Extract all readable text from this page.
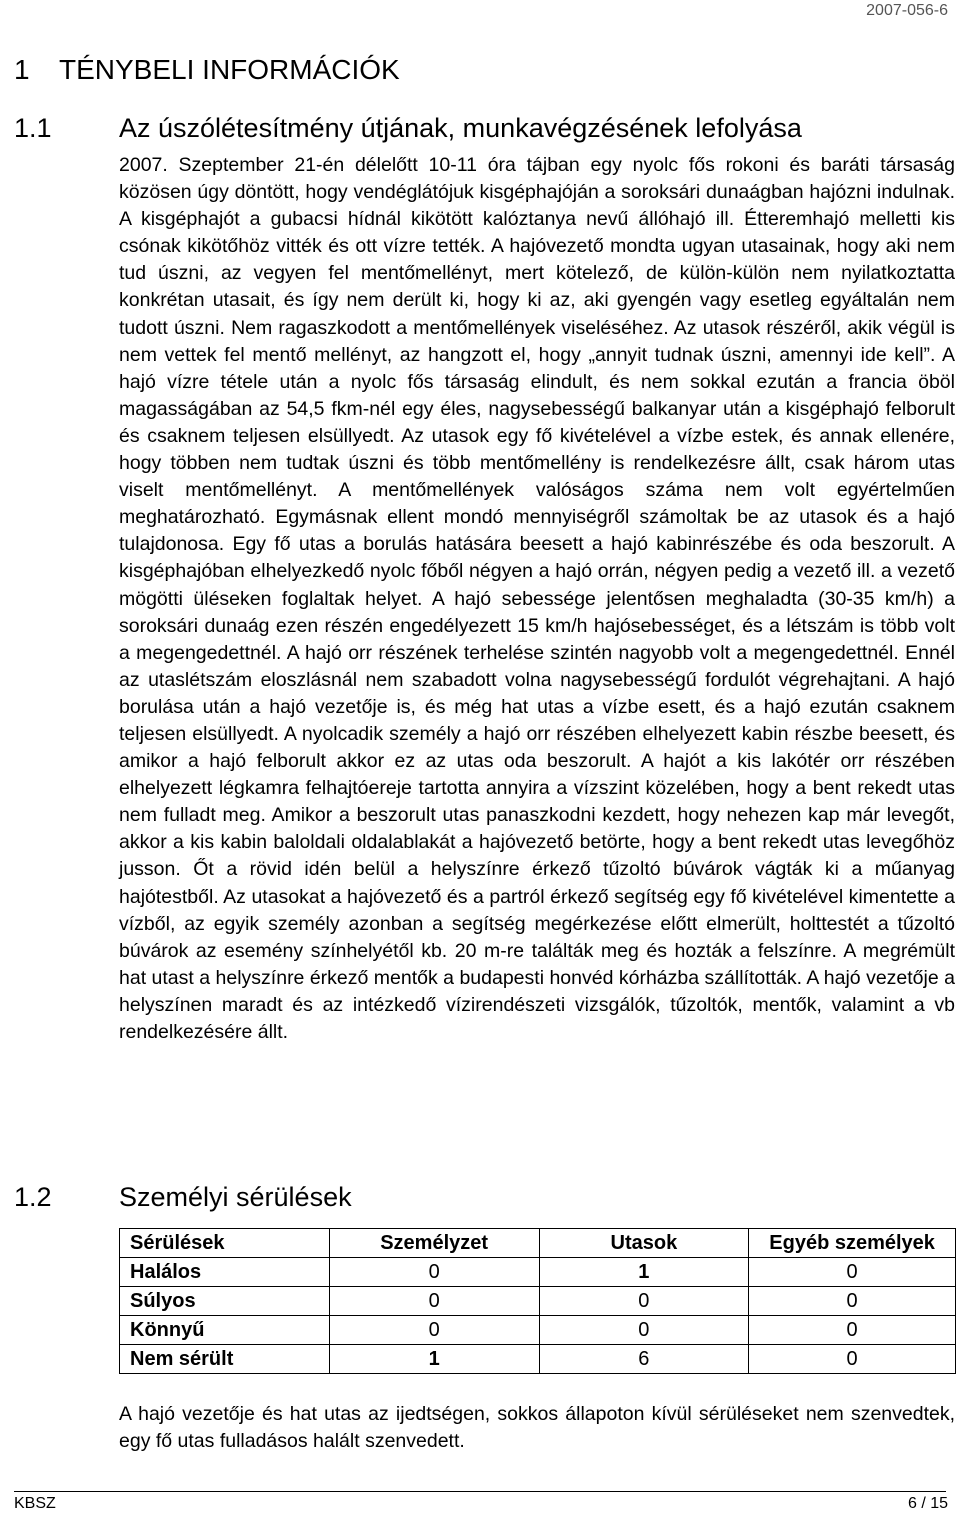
2007-056-6
1 TÉNYBELI INFORMÁCIÓK
1.1 Az úszólétesítmény útjának, munkavégzésének lefolyása

2007. Szeptember 21-én délelőtt 10-11 óra tájban egy nyolc fős rokoni és baráti társaság közösen úgy döntött, hogy vendéglátójuk kisgéphajóján a soroksári dunaágban hajózni indulnak. A kisgéphajót a gubacsi hídnál kikötött kalóztanya nevű állóhajó ill. Étteremhajó melletti kis csónak kikötőhöz vitték és ott vízre tették. A hajóvezető mondta ugyan utasainak, hogy aki nem tud úszni, az vegyen fel mentőmellényt, mert kötelező, de külön-külön nem nyilatkoztatta konkrétan utasait, és így nem derült ki, hogy ki az, aki gyengén vagy esetleg egyáltalán nem tudott úszni. Nem ragaszkodott a mentőmellények viseléséhez. Az utasok részéről, akik végül is nem vettek fel mentő mellényt, az hangzott el, hogy „annyit tudnak úszni, amennyi ide kell”. A hajó vízre tétele után a nyolc fős társaság elindult, és nem sokkal ezután a francia öböl magasságában az 54,5 fkm-nél egy éles, nagysebességű balkanyar után a kisgéphajó felborult és csaknem teljesen elsüllyedt. Az utasok egy fő kivételével a vízbe estek, és annak ellenére, hogy többen nem tudtak úszni és több mentőmellény is rendelkezésre állt, csak három utas viselt mentőmellényt. A mentőmellények valóságos száma nem volt egyértelműen meghatározható. Egymásnak ellent mondó mennyiségről számoltak be az utasok és a hajó tulajdonosa. Egy fő utas a borulás hatására beesett a hajó kabinrészébe és oda beszorult. A kisgéphajóban elhelyezkedő nyolc főből négyen a hajó orrán, négyen pedig a vezető ill. a vezető mögötti üléseken foglaltak helyet. A hajó sebessége jelentősen meghaladta (30-35 km/h) a soroksári dunaág ezen részén engedélyezett 15 km/h hajósebességet, és a létszám is több volt a megengedettnél. A hajó orr részének terhelése szintén nagyobb volt a megengedettnél. Ennél az utaslétszám eloszlásnál nem szabadott volna nagysebességű fordulót végrehajtani. A hajó borulása után a hajó vezetője is, és még hat utas a vízbe esett, és a hajó ezután csaknem teljesen elsüllyedt. A nyolcadik személy a hajó orr részében elhelyezett kabin részbe beesett, és amikor a hajó felborult akkor ez az utas oda beszorult. A hajót a kis lakótér orr részében elhelyezett légkamra felhajtóereje tartotta annyira a vízszint közelében, hogy a bent rekedt utas nem fulladt meg. Amikor a beszorult utas panaszkodni kezdett, hogy nehezen kap már levegőt, akkor a kis kabin baloldali oldalablakát a hajóvezető betörte, hogy a bent rekedt utas levegőhöz jusson. Őt a rövid idén belül a helyszínre érkező tűzoltó búvárok vágták ki a műanyag hajótestből. Az utasokat a hajóvezető és a partról érkező segítség egy fő kivételével kimentette a vízből, az egyik személy azonban a segítség megérkezése előtt elmerült, holttestét a tűzoltó búvárok az esemény színhelyétől kb. 20 m-re találták meg és hozták a felszínre. A megrémült hat utast a helyszínre érkező mentők a budapesti honvéd kórházba szállították. A hajó vezetője a helyszínen maradt és az intézkedő vízirendészeti vizsgálók, tűzoltók, mentők, valamint a vb rendelkezésére állt.

1.2 Személyi sérülések
Sérülések	Személyzet	Utasok	Egyéb személyek
Halálos	0	1	0
Súlyos	0	0	0
Könnyű	0	0	0
Nem sérült	1	6	0

A hajó vezetője és hat utas az ijedtségen, sokkos állapoton kívül sérüléseket nem szenvedtek, egy fő utas fulladásos halált szenvedett.

KBSZ	6 / 15
